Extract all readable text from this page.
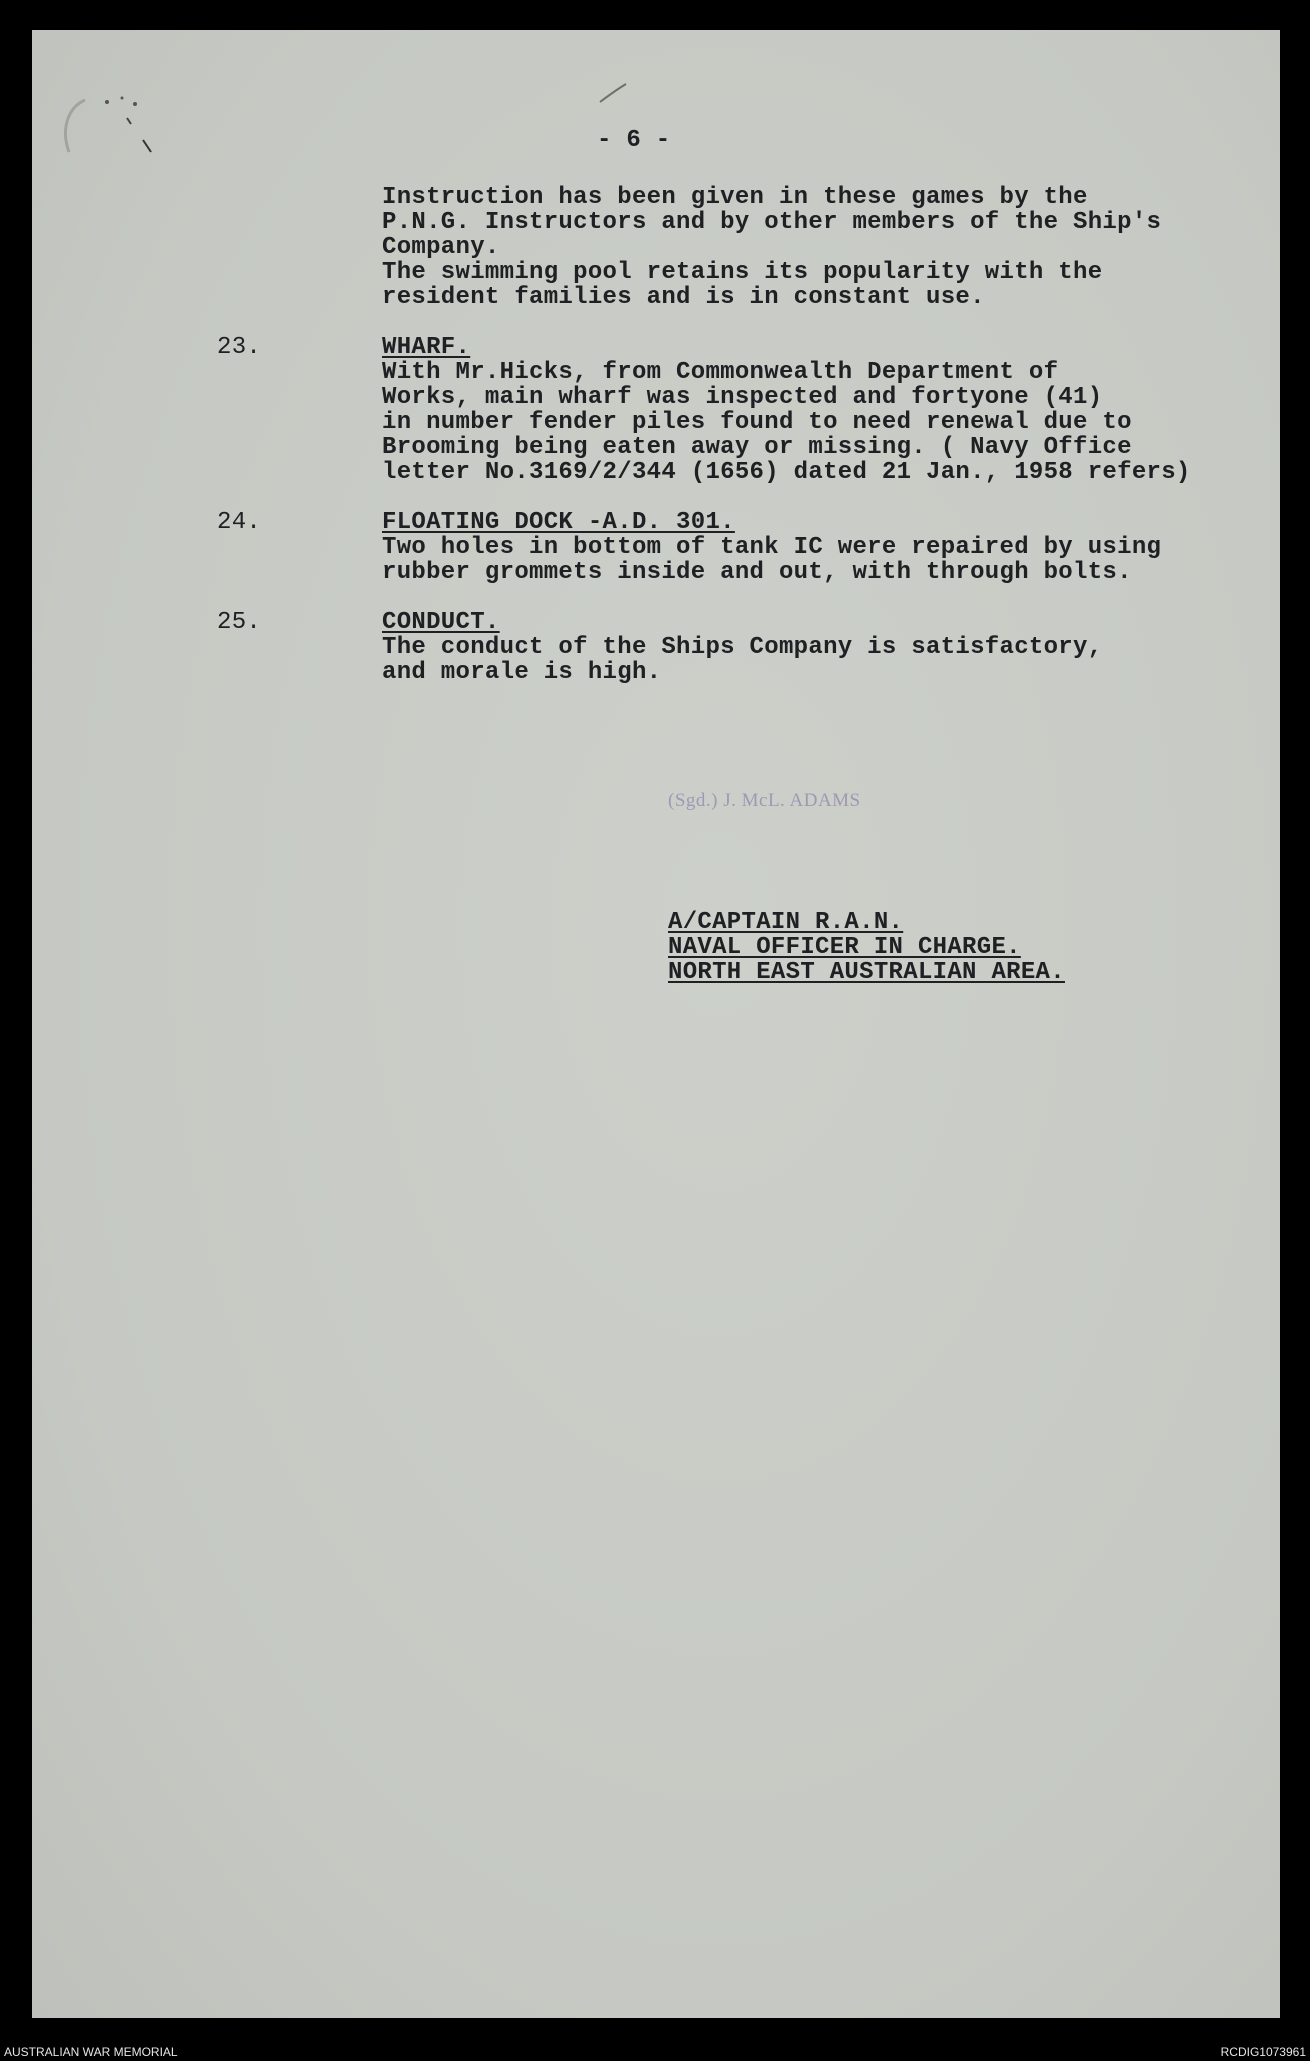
- 6 -
Instruction has been given in these games by the
P.N.G. Instructors and by other members of the Ship's
Company.
The swimming pool retains its popularity with the
resident families and is in constant use.
23.	WHARF.
With Mr.Hicks, from Commonwealth Department of
Works, main wharf was inspected and fortyone (41)
in number fender piles found to need renewal due to
Brooming being eaten away or missing. ( Navy Office
letter No.3169/2/344 (1656) dated 21 Jan., 1958 refers)
24.	FLOATING DOCK -A.D. 301.
Two holes in bottom of tank IC were repaired by using
rubber grommets inside and out, with through bolts.
25.	CONDUCT.
The conduct of the Ships Company is satisfactory,
and morale is high.
(Sgd.) J. McL. ADAMS
A/CAPTAIN R.A.N.
NAVAL OFFICER IN CHARGE.
NORTH EAST AUSTRALIAN AREA.
AUSTRALIAN WAR MEMORIAL	RCDIG1073961
